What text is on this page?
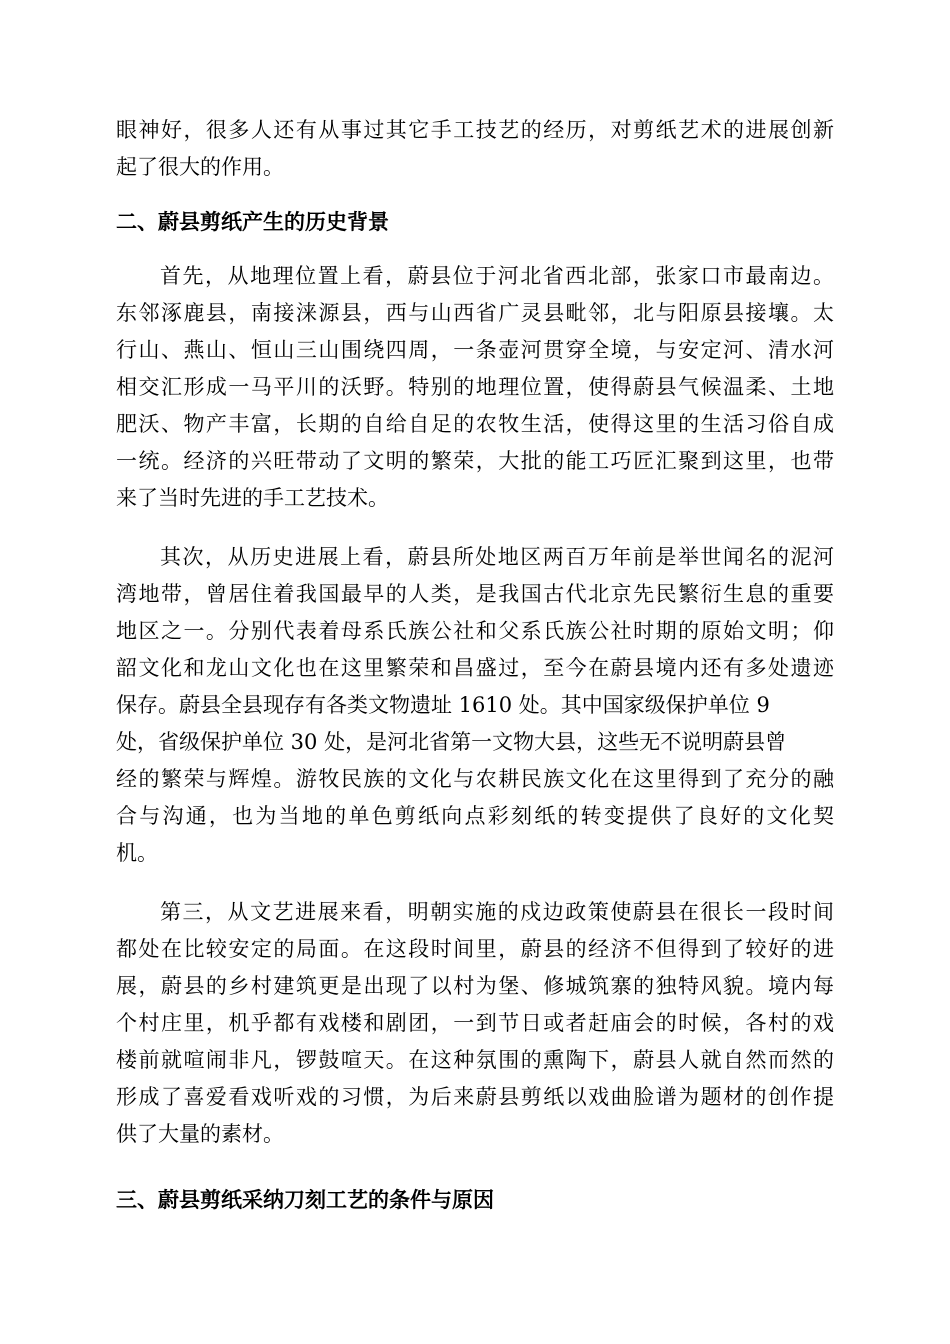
眼神好，很多人还有从事过其它手工技艺的经历，对剪纸艺术的进展创新
起了很大的作用。
二、蔚县剪纸产生的历史背景
首先，从地理位置上看，蔚县位于河北省西北部，张家口市最南边。
东邻涿鹿县，南接涞源县，西与山西省广灵县毗邻，北与阳原县接壤。太
行山、燕山、恒山三山围绕四周，一条壶河贯穿全境，与安定河、清水河
相交汇形成一马平川的沃野。特别的地理位置，使得蔚县气候温柔、土地
肥沃、物产丰富，长期的自给自足的农牧生活，使得这里的生活习俗自成
一统。经济的兴旺带动了文明的繁荣，大批的能工巧匠汇聚到这里，也带
来了当时先进的手工艺技术。
其次，从历史进展上看，蔚县所处地区两百万年前是举世闻名的泥河
湾地带，曾居住着我国最早的人类，是我国古代北京先民繁衍生息的重要
地区之一。分别代表着母系氏族公社和父系氏族公社时期的原始文明；仰
韶文化和龙山文化也在这里繁荣和昌盛过，至今在蔚县境内还有多处遗迹
保存。蔚县全县现存有各类文物遗址 1610 处。其中国家级保护单位 9
处，省级保护单位 30 处，是河北省第一文物大县，这些无不说明蔚县曾
经的繁荣与辉煌。游牧民族的文化与农耕民族文化在这里得到了充分的融
合与沟通，也为当地的单色剪纸向点彩刻纸的转变提供了良好的文化契
机。
第三，从文艺进展来看，明朝实施的戍边政策使蔚县在很长一段时间
都处在比较安定的局面。在这段时间里，蔚县的经济不但得到了较好的进
展，蔚县的乡村建筑更是出现了以村为堡、修城筑寨的独特风貌。境内每
个村庄里，机乎都有戏楼和剧团，一到节日或者赶庙会的时候，各村的戏
楼前就喧闹非凡，锣鼓喧天。在这种氛围的熏陶下，蔚县人就自然而然的
形成了喜爱看戏听戏的习惯，为后来蔚县剪纸以戏曲脸谱为题材的创作提
供了大量的素材。
三、蔚县剪纸采纳刀刻工艺的条件与原因
